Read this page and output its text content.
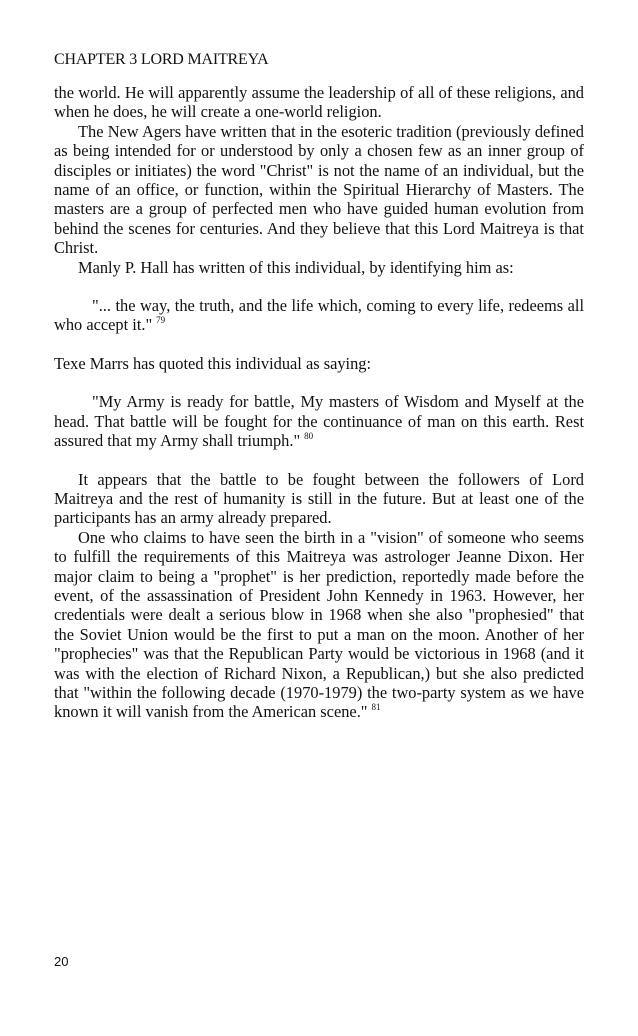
CHAPTER 3 LORD MAITREYA

the world. He will apparently assume the leadership of all of these religions, and when he does, he will create a one-world religion.

The New Agers have written that in the esoteric tradition (previously defined as being intended for or understood by only a chosen few as an inner group of disciples or initiates) the word "Christ" is not the name of an individual, but the name of an office, or function, within the Spiritual Hierarchy of Masters. The masters are a group of perfected men who have guided human evolution from behind the scenes for centuries. And they believe that this Lord Maitreya is that Christ.

Manly P. Hall has written of this individual, by identifying him as:

"... the way, the truth, and the life which, coming to every life, redeems all who accept it." $^{79}$

Texe Marrs has quoted this individual as saying:

"My Army is ready for battle, My masters of Wisdom and Myself at the head. That battle will be fought for the continuance of man on this earth. Rest assured that my Army shall triumph." $^{80}$

It appears that the battle to be fought between the followers of Lord Maitreya and the rest of humanity is still in the future. But at least one of the participants has an army already prepared.

One who claims to have seen the birth in a "vision" of someone who seems to fulfill the requirements of this Maitreya was astrologer Jeanne Dixon. Her major claim to being a "prophet" is her prediction, reportedly made before the event, of the assassination of President John Kennedy in 1963. However, her credentials were dealt a serious blow in 1968 when she also "prophesied" that the Soviet Union would be the first to put a man on the moon. Another of her "prophecies" was that the Republican Party would be victorious in 1968 (and it was with the election of Richard Nixon, a Republican,) but she also predicted that "within the following decade (1970-1979) the two-party system as we have known it will vanish from the American scene." $^{81}$

20
